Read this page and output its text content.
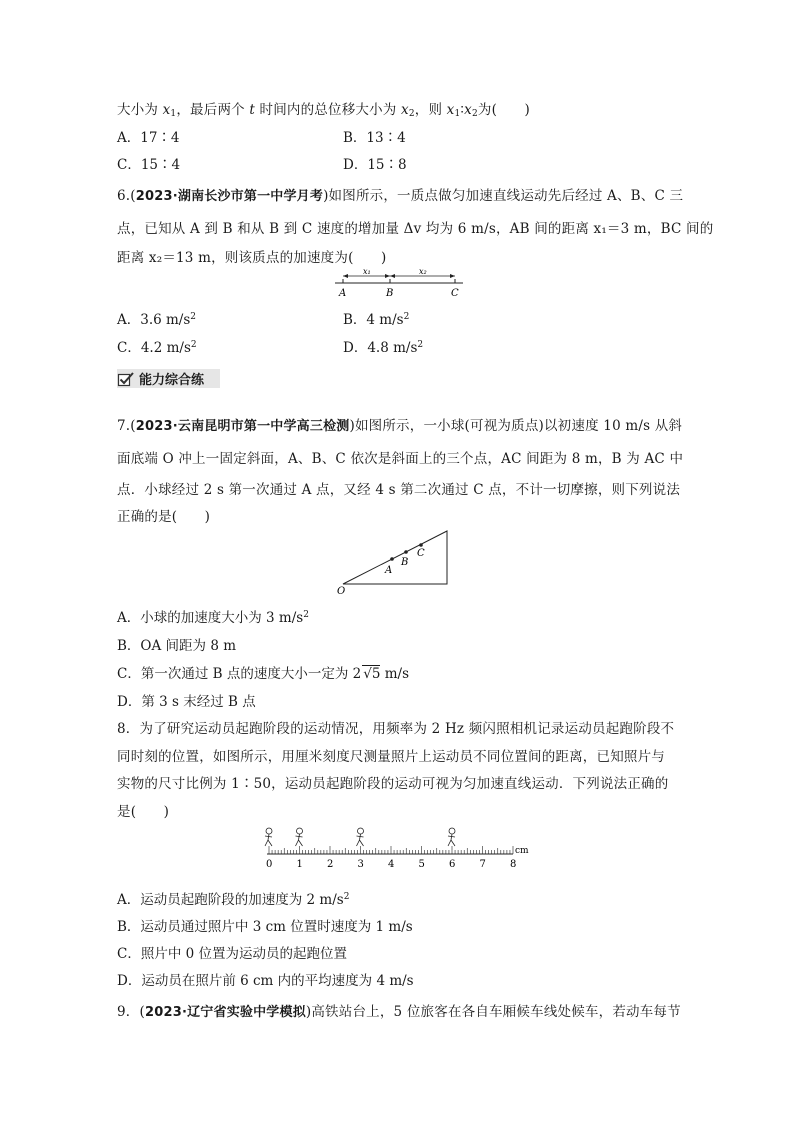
大小为 $x_1$，最后两个 t 时间内的总位移大小为 $x_2$，则 $x_1∶x_2$为(　　)
A．17∶4	B．13∶4
C．15∶4	D．15∶8
6.(2023·湖南长沙市第一中学月考)如图所示，一质点做匀加速直线运动先后经过 A、B、C 三
点，已知从 A 到 B 和从 B 到 C 速度的增加量 Δv 均为 6 m/s，AB 间的距离 x₁＝3 m，BC 间的
距离 x₂＝13 m，则该质点的加速度为(　　)
x₁	x₂
A	B	C
A．3.6 $m/s^2$	B．4 $m/s^2$
C．4.2 $m/s^2$	D．4.8 $m/s^2$
能力综合练
7.(2023·云南昆明市第一中学高三检测)如图所示，一小球(可视为质点)以初速度 10 m/s 从斜
面底端 O 冲上一固定斜面，A、B、C 依次是斜面上的三个点，AC 间距为 8 m，B 为 AC 中
点．小球经过 2 s 第一次通过 A 点，又经 4 s 第二次通过 C 点，不计一切摩擦，则下列说法
正确的是(　　)
O
A
B
C
A．小球的加速度大小为 3 $m/s^2$
B．OA 间距为 8 m
C．第一次通过 B 点的速度大小一定为 2 √5 m/s
D．第 3 s 末经过 B 点
8．为了研究运动员起跑阶段的运动情况，用频率为 2 Hz 频闪照相机记录运动员起跑阶段不
同时刻的位置，如图所示，用厘米刻度尺测量照片上运动员不同位置间的距离，已知照片与
实物的尺寸比例为 1∶50，运动员起跑阶段的运动可视为匀加速直线运动．下列说法正确的
是(　　)
0 1 2 3 4 5 6 7 8
cm
A．运动员起跑阶段的加速度为 2 $m/s^2$
B．运动员通过照片中 3 cm 位置时速度为 1 m/s
C．照片中 0 位置为运动员的起跑位置
D．运动员在照片前 6 cm 内的平均速度为 4 m/s
9．(2023·辽宁省实验中学模拟)高铁站台上，5 位旅客在各自车厢候车线处候车，若动车每节
